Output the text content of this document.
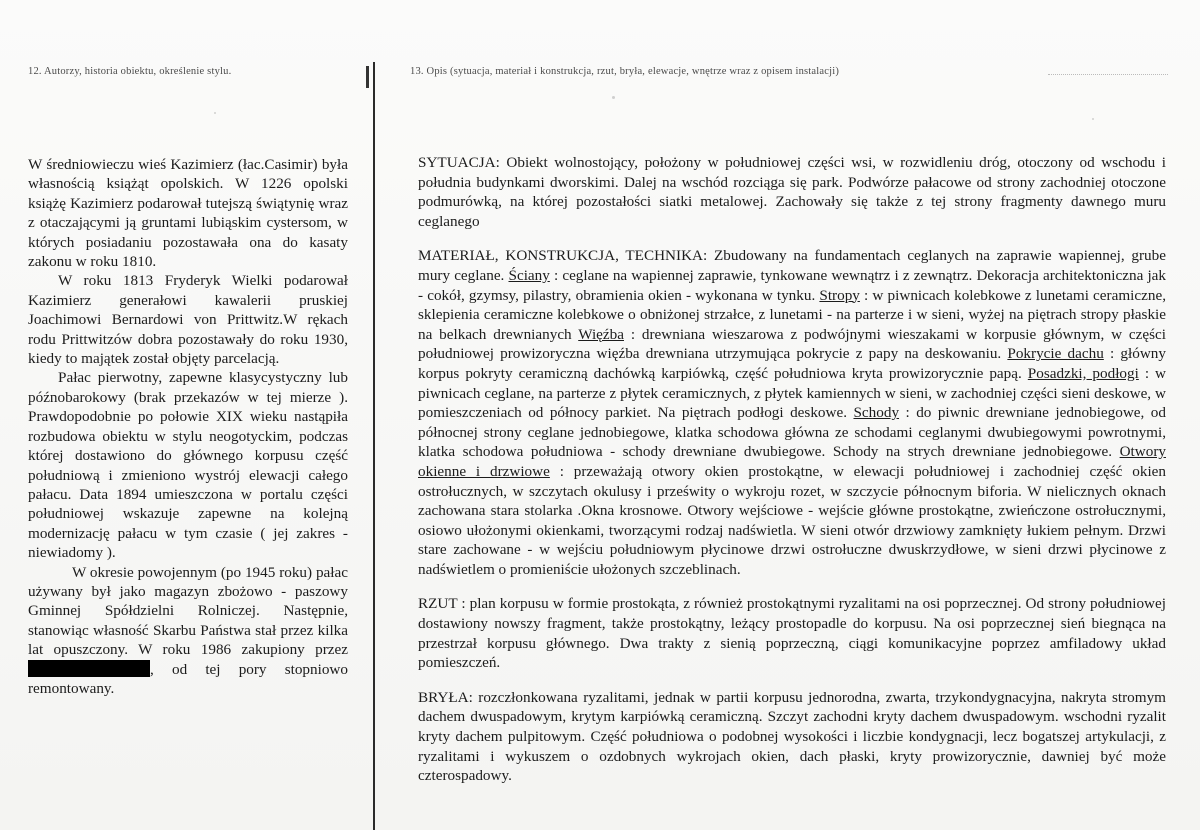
12. Autorzy, historia obiektu, określenie stylu.	13. Opis (sytuacja, materiał i konstrukcja, rzut, bryła, elewacje, wnętrze wraz z opisem instalacji)

W średniowieczu wieś Kazimierz (łac.Casimir) była własnością książąt opolskich. W 1226 opolski książę Kazimierz podarował tutejszą świątynię wraz z otaczającymi ją gruntami lubiąskim cystersom, w których posiadaniu pozostawała ona do kasaty zakonu w roku 1810.

W roku 1813 Fryderyk Wielki podarował Kazimierz generałowi kawalerii pruskiej Joachimowi Bernardowi von Prittwitz.W rękach rodu Prittwitzów dobra pozostawały do roku 1930, kiedy to majątek został objęty parcelacją.

Pałac pierwotny, zapewne klasycystyczny lub późnobarokowy (brak przekazów w tej mierze ). Prawdopodobnie po połowie XIX wieku nastąpiła rozbudowa obiektu w stylu neogotyckim, podczas której dostawiono do głównego korpusu część południową i zmieniono wystrój elewacji całego pałacu. Data 1894 umieszczona w portalu części południowej wskazuje zapewne na kolejną modernizację pałacu w tym czasie ( jej zakres - niewiadomy ).

W okresie powojennym (po 1945 roku) pałac używany był jako magazyn zbożowo - paszowy Gminnej Spółdzielni Rolniczej. Następnie, stanowiąc własność Skarbu Państwa stał przez kilka lat opuszczony. W roku 1986 zakupiony przez , od tej pory stopniowo remontowany.

SYTUACJA: Obiekt wolnostojący, położony w południowej części wsi, w rozwidleniu dróg, otoczony od wschodu i południa budynkami dworskimi. Dalej na wschód rozciąga się park. Podwórze pałacowe od strony zachodniej otoczone podmurówką, na której pozostałości siatki metalowej. Zachowały się także z tej strony fragmenty dawnego muru ceglanego

MATERIAŁ, KONSTRUKCJA, TECHNIKA: Zbudowany na fundamentach ceglanych na zaprawie wapiennej, grube mury ceglane. Ściany : ceglane na wapiennej zaprawie, tynkowane wewnątrz i z zewnątrz. Dekoracja architektoniczna jak - cokół, gzymsy, pilastry, obramienia okien - wykonana w tynku. Stropy : w piwnicach kolebkowe z lunetami ceramiczne, sklepienia ceramiczne kolebkowe o obniżonej strzałce, z lunetami - na parterze i w sieni, wyżej na piętrach stropy płaskie na belkach drewnianych Więźba : drewniana wieszarowa z podwójnymi wieszakami w korpusie głównym, w części południowej prowizoryczna więźba drewniana utrzymująca pokrycie z papy na deskowaniu. Pokrycie dachu : główny korpus pokryty ceramiczną dachówką karpiówką, część południowa kryta prowizorycznie papą. Posadzki, podłogi : w piwnicach ceglane, na parterze z płytek ceramicznych, z płytek kamiennych w sieni, w zachodniej części sieni deskowe, w pomieszczeniach od północy parkiet. Na piętrach podłogi deskowe. Schody : do piwnic drewniane jednobiegowe, od północnej strony ceglane jednobiegowe, klatka schodowa główna ze schodami ceglanymi dwubiegowymi powrotnymi, klatka schodowa południowa - schody drewniane dwubiegowe. Schody na strych drewniane jednobiegowe. Otwory okienne i drzwiowe : przeważają otwory okien prostokątne, w elewacji południowej i zachodniej część okien ostrołucznych, w szczytach okulusy i prześwity o wykroju rozet, w szczycie północnym biforia. W nielicznych oknach zachowana stara stolarka .Okna krosnowe. Otwory wejściowe - wejście główne prostokątne, zwieńczone ostrołucznymi, osiowo ułożonymi okienkami, tworzącymi rodzaj nadświetla. W sieni otwór drzwiowy zamknięty łukiem pełnym. Drzwi stare zachowane - w wejściu południowym płycinowe drzwi ostrołuczne dwuskrzydłowe, w sieni drzwi płycinowe z nadświetlem o promieniście ułożonych szczeblinach.

RZUT : plan korpusu w formie prostokąta, z również prostokątnymi ryzalitami na osi poprzecznej. Od strony południowej dostawiony nowszy fragment, także prostokątny, leżący prostopadle do korpusu. Na osi poprzecznej sień biegnąca na przestrzał korpusu głównego. Dwa trakty z sienią poprzeczną, ciągi komunikacyjne poprzez amfiladowy układ pomieszczeń.

BRYŁA: rozczłonkowana ryzalitami, jednak w partii korpusu jednorodna, zwarta, trzykondygnacyjna, nakryta stromym dachem dwuspadowym, krytym karpiówką ceramiczną. Szczyt zachodni kryty dachem dwuspadowym. wschodni ryzalit kryty dachem pulpitowym. Część południowa o podobnej wysokości i liczbie kondygnacji, lecz bogatszej artykulacji, z ryzalitami i wykuszem o ozdobnych wykrojach okien, dach płaski, kryty prowizorycznie, dawniej być może czterospadowy.
